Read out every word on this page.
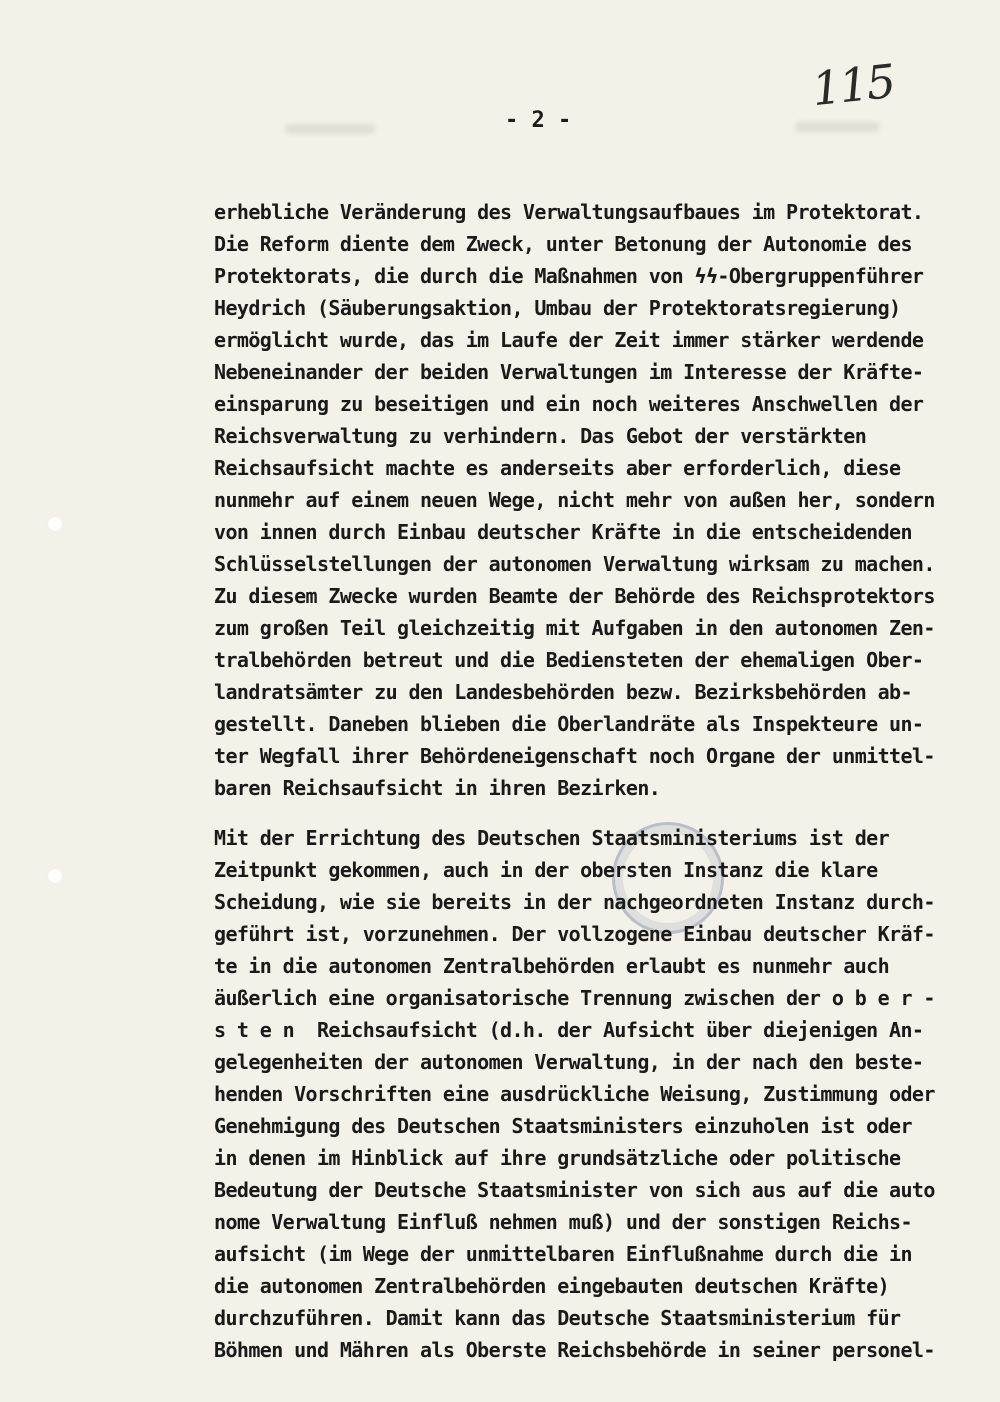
115
- 2 -
erhebliche Veränderung des Verwaltungsaufbaues im Protektorat.
Die Reform diente dem Zweck, unter Betonung der Autonomie des
Protektorats, die durch die Maßnahmen von ϟϟ-Obergruppenführer
Heydrich (Säuberungsaktion, Umbau der Protektoratsregierung)
ermöglicht wurde, das im Laufe der Zeit immer stärker werdende
Nebeneinander der beiden Verwaltungen im Interesse der Kräfte-
einsparung zu beseitigen und ein noch weiteres Anschwellen der
Reichsverwaltung zu verhindern. Das Gebot der verstärkten
Reichsaufsicht machte es anderseits aber erforderlich, diese
nunmehr auf einem neuen Wege, nicht mehr von außen her, sondern
von innen durch Einbau deutscher Kräfte in die entscheidenden
Schlüsselstellungen der autonomen Verwaltung wirksam zu machen.
Zu diesem Zwecke wurden Beamte der Behörde des Reichsprotektors
zum großen Teil gleichzeitig mit Aufgaben in den autonomen Zen-
tralbehörden betreut und die Bediensteten der ehemaligen Ober-
landratsämter zu den Landesbehörden bezw. Bezirksbehörden ab-
gestellt. Daneben blieben die Oberlandräte als Inspekteure un-
ter Wegfall ihrer Behördeneigenschaft noch Organe der unmittel-
baren Reichsaufsicht in ihren Bezirken.
Mit der Errichtung des Deutschen Staatsministeriums ist der
Zeitpunkt gekommen, auch in der obersten Instanz die klare
Scheidung, wie sie bereits in der nachgeordneten Instanz durch-
geführt ist, vorzunehmen. Der vollzogene Einbau deutscher Kräf-
te in die autonomen Zentralbehörden erlaubt es nunmehr auch
äußerlich eine organisatorische Trennung zwischen der o b e r -
s t e n  Reichsaufsicht (d.h. der Aufsicht über diejenigen An-
gelegenheiten der autonomen Verwaltung, in der nach den beste-
henden Vorschriften eine ausdrückliche Weisung, Zustimmung oder
Genehmigung des Deutschen Staatsministers einzuholen ist oder
in denen im Hinblick auf ihre grundsätzliche oder politische
Bedeutung der Deutsche Staatsminister von sich aus auf die auto
nome Verwaltung Einfluß nehmen muß) und der sonstigen Reichs-
aufsicht (im Wege der unmittelbaren Einflußnahme durch die in
die autonomen Zentralbehörden eingebauten deutschen Kräfte)
durchzuführen. Damit kann das Deutsche Staatsministerium für
Böhmen und Mähren als Oberste Reichsbehörde in seiner personel-
